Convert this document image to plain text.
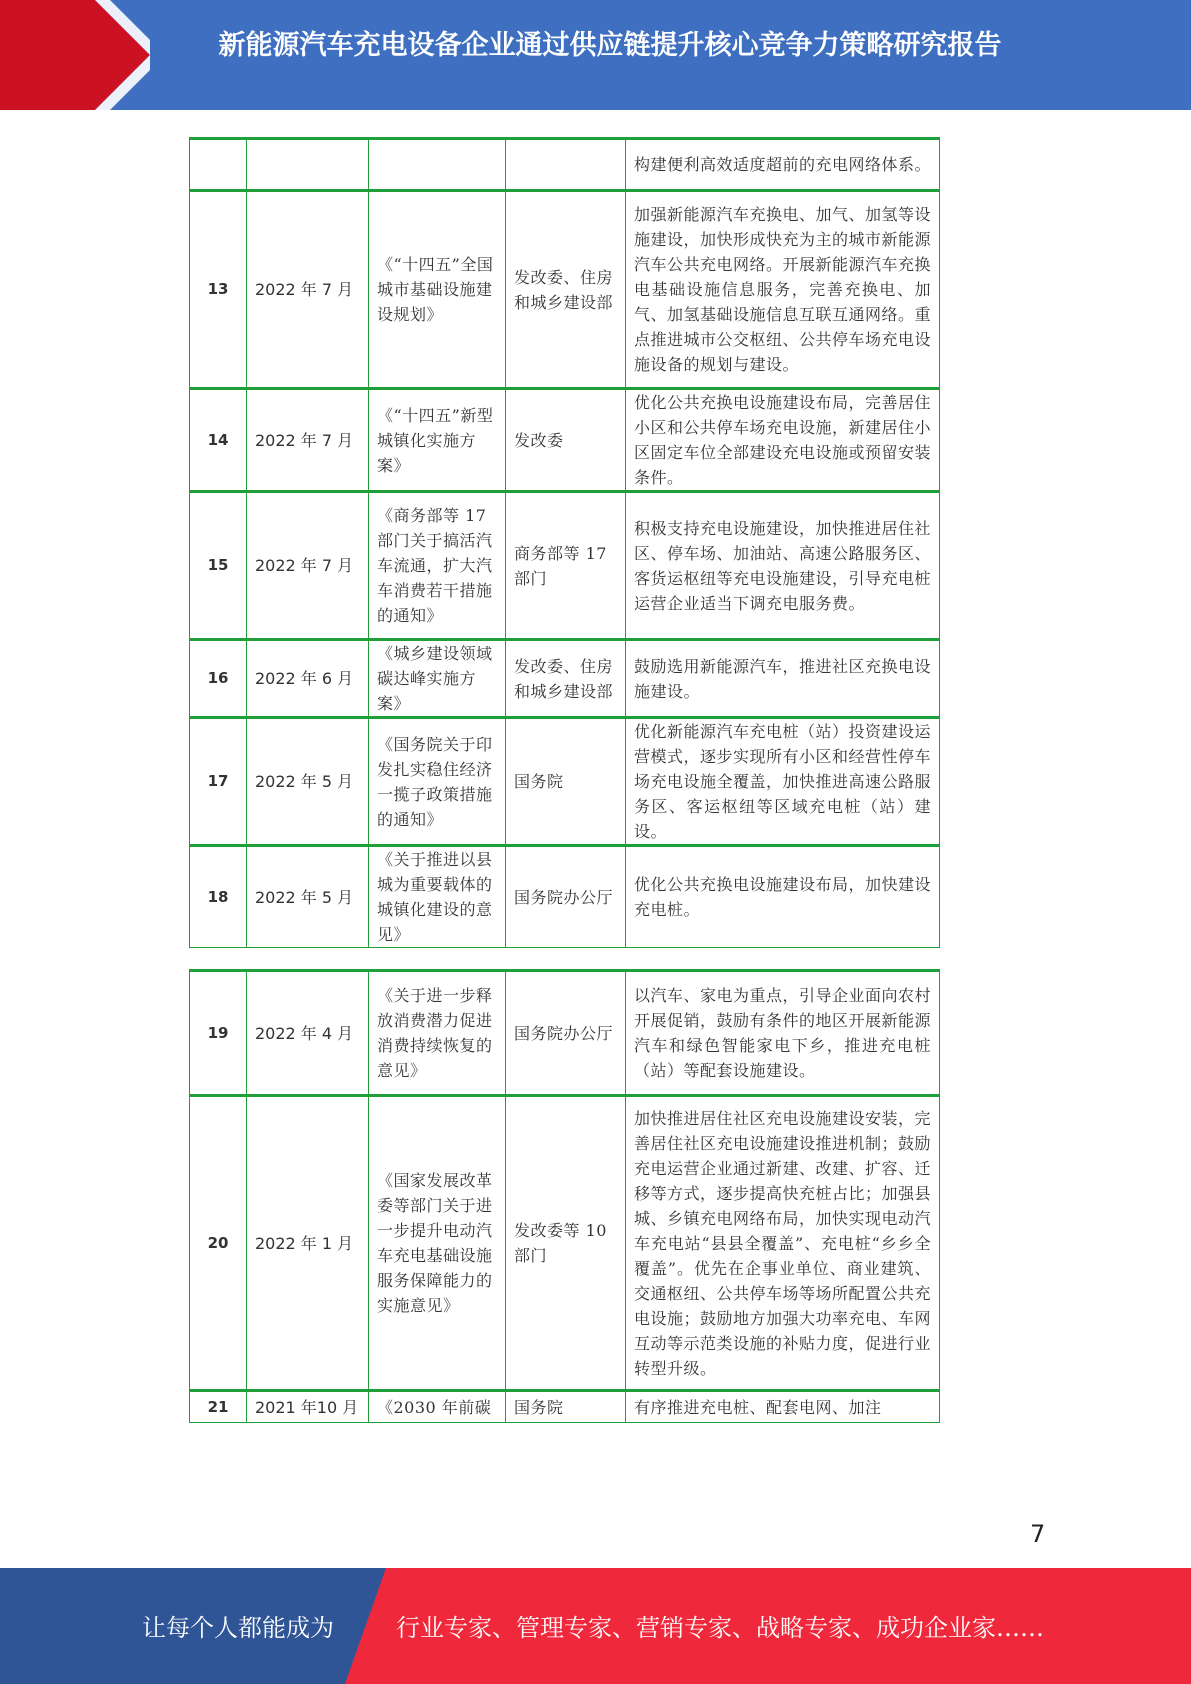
新能源汽车充电设备企业通过供应链提升核心竞争力策略研究报告
				构建便利高效适度超前的充电网络体系。
13	2022 年 7 月	《“十四五”全国城市基础设施建设规划》	发改委、住房和城乡建设部	加强新能源汽车充换电、加气、加氢等设施建设，加快形成快充为主的城市新能源汽车公共充电网络。开展新能源汽车充换电基础设施信息服务，完善充换电、加气、加氢基础设施信息互联互通网络。重点推进城市公交枢纽、公共停车场充电设施设备的规划与建设。
14	2022 年 7 月	《“十四五”新型城镇化实施方案》	发改委	优化公共充换电设施建设布局，完善居住小区和公共停车场充电设施，新建居住小区固定车位全部建设充电设施或预留安装条件。
15	2022 年 7 月	《商务部等 17 部门关于搞活汽车流通，扩大汽车消费若干措施的通知》	商务部等 17 部门	积极支持充电设施建设，加快推进居住社区、停车场、加油站、高速公路服务区、客货运枢纽等充电设施建设，引导充电桩运营企业适当下调充电服务费。
16	2022 年 6 月	《城乡建设领域碳达峰实施方案》	发改委、住房和城乡建设部	鼓励选用新能源汽车，推进社区充换电设施建设。
17	2022 年 5 月	《国务院关于印发扎实稳住经济一揽子政策措施的通知》	国务院	优化新能源汽车充电桩（站）投资建设运营模式，逐步实现所有小区和经营性停车场充电设施全覆盖，加快推进高速公路服务区、客运枢纽等区域充电桩（站）建设。
18	2022 年 5 月	《关于推进以县城为重要载体的城镇化建设的意见》	国务院办公厅	优化公共充换电设施建设布局，加快建设充电桩。
19	2022 年 4 月	《关于进一步释放消费潜力促进消费持续恢复的意见》	国务院办公厅	以汽车、家电为重点，引导企业面向农村开展促销，鼓励有条件的地区开展新能源汽车和绿色智能家电下乡，推进充电桩（站）等配套设施建设。
20	2022 年 1 月	《国家发展改革委等部门关于进一步提升电动汽车充电基础设施服务保障能力的实施意见》	发改委等 10 部门	加快推进居住社区充电设施建设安装，完善居住社区充电设施建设推进机制；鼓励充电运营企业通过新建、改建、扩容、迁移等方式，逐步提高快充桩占比；加强县城、乡镇充电网络布局，加快实现电动汽车充电站“县县全覆盖”、充电桩“乡乡全覆盖”。优先在企事业单位、商业建筑、交通枢纽、公共停车场等场所配置公共充电设施；鼓励地方加强大功率充电、车网互动等示范类设施的补贴力度，促进行业转型升级。
21	2021 年10 月	《2030 年前碳	国务院	有序推进充电桩、配套电网、加注
7
让每个人都能成为	行业专家、管理专家、营销专家、战略专家、成功企业家……
